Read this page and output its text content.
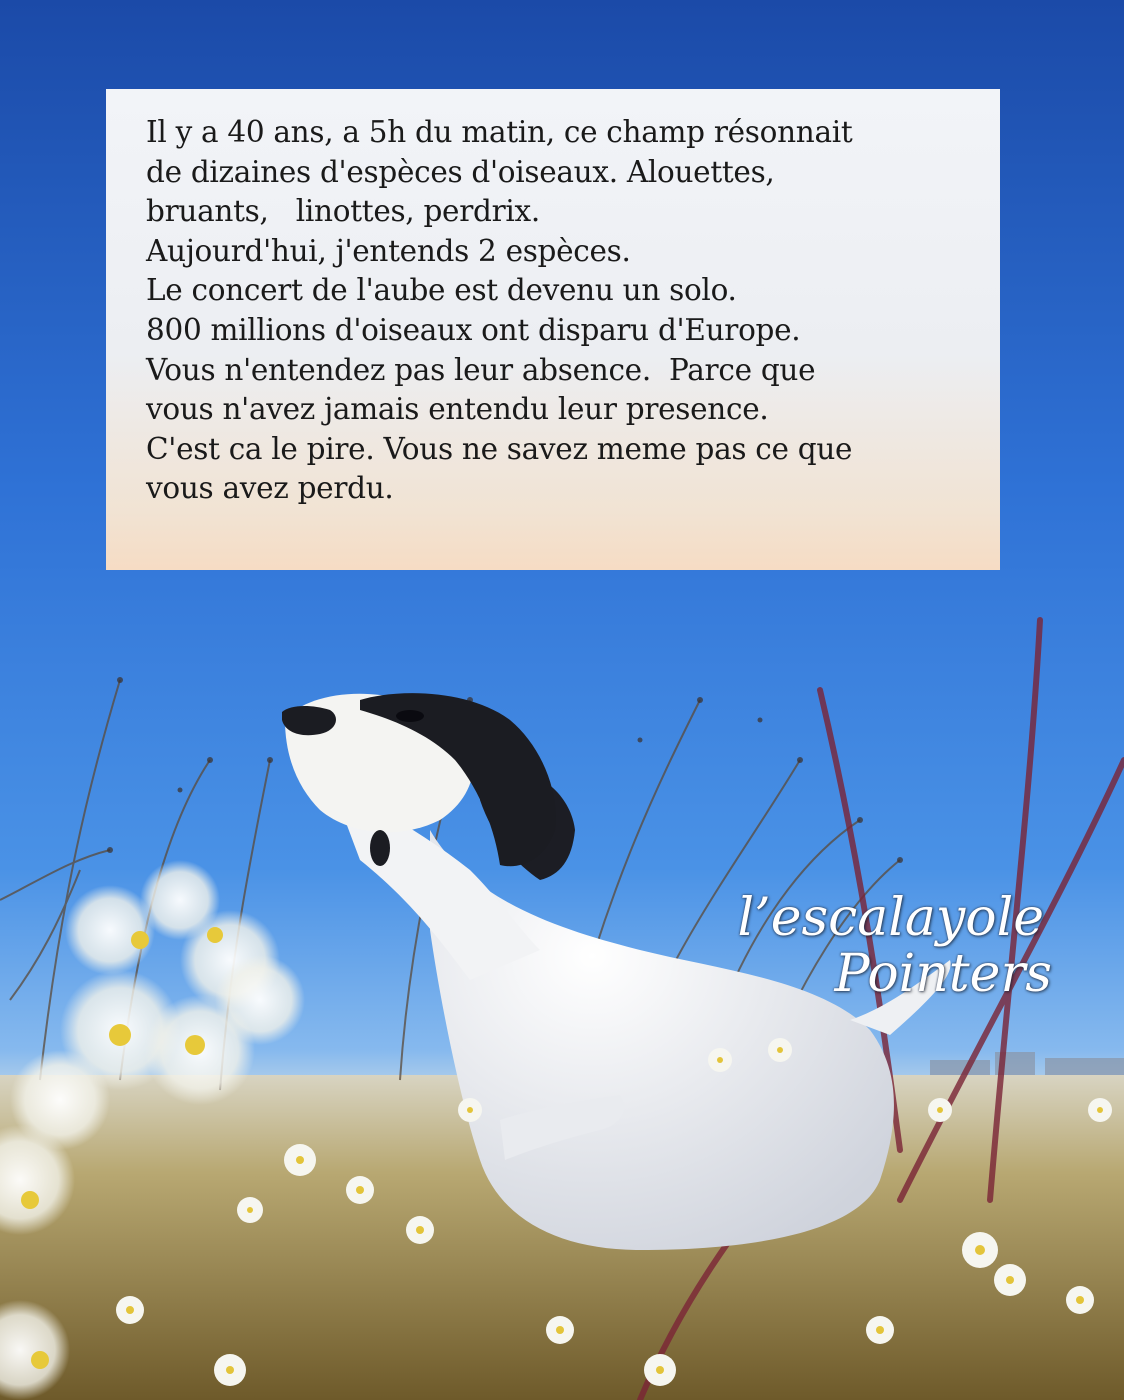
Il y a 40 ans, a 5h du matin, ce champ résonnait
de dizaines d'espèces d'oiseaux. Alouettes,
bruants,   linottes, perdrix.
Aujourd'hui, j'entends 2 espèces.
Le concert de l'aube est devenu un solo.
800 millions d'oiseaux ont disparu d'Europe.
Vous n'entendez pas leur absence.  Parce que
vous n'avez jamais entendu leur presence.
C'est ca le pire. Vous ne savez meme pas ce que
vous avez perdu.
l’escalayole
Pointers
